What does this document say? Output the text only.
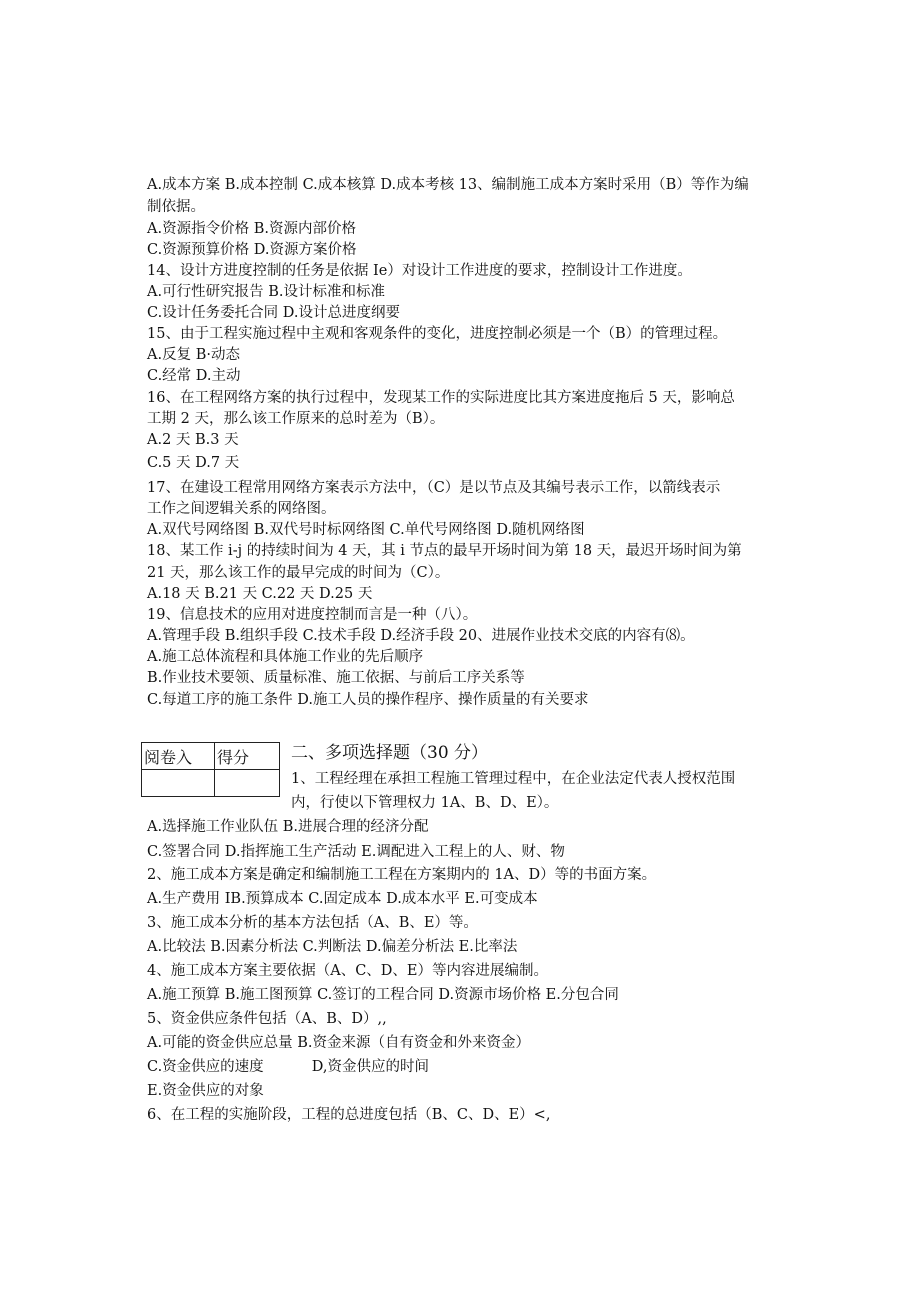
A.成本方案 B.成本控制 C.成本核算 D.成本考核 13、编制施工成本方案时采用（B）等作为编
制依据。
A.资源指令价格 B.资源内部价格
C.资源预算价格 D.资源方案价格
14、设计方进度控制的任务是依据 Ie）对设计工作进度的要求，控制设计工作进度。
A.可行性研究报告 B.设计标准和标准
C.设计任务委托合同 D.设计总进度纲要
15、由于工程实施过程中主观和客观条件的变化，进度控制必须是一个（B）的管理过程。
A.反复 B·动态
C.经常 D.主动
16、在工程网络方案的执行过程中，发现某工作的实际进度比其方案进度拖后 5 天，影响总
工期 2 天，那么该工作原来的总时差为（B）。
A.2 天 B.3 天
C.5 天 D.7 天
17、在建设工程常用网络方案表示方法中，（C）是以节点及其编号表示工作，以箭线表示
工作之间逻辑关系的网络图。
A.双代号网络图 B.双代号时标网络图 C.单代号网络图 D.随机网络图
18、某工作 i-j 的持续时间为 4 天，其 i 节点的最早开场时间为第 18 天，最迟开场时间为第
21 天，那么该工作的最早完成的时间为（C）。
A.18 天 B.21 天 C.22 天 D.25 天
19、信息技术的应用对进度控制而言是一种（八）。
A.管理手段 B.组织手段 C.技术手段 D.经济手段 20、进展作业技术交底的内容有⑻。
A.施工总体流程和具体施工作业的先后顺序
B.作业技术要领、质量标准、施工依据、与前后工序关系等
C.每道工序的施工条件 D.施工人员的操作程序、操作质量的有关要求
阅卷入	得分
	二、多项选择题（30 分）
1、工程经理在承担工程施工管理过程中，在企业法定代表人授权范围
内，行使以下管理权力 1A、B、D、E）。
A.选择施工作业队伍 B.进展合理的经济分配
C.签署合同 D.指挥施工生产活动 E.调配进入工程上的人、财、物
2、施工成本方案是确定和编制施工工程在方案期内的 1A、D）等的书面方案。
A.生产费用 IB.预算成本 C.固定成本 D.成本水平 E.可变成本
3、施工成本分析的基本方法包括（A、B、E）等。
A.比较法 B.因素分析法 C.判断法 D.偏差分析法 E.比率法
4、施工成本方案主要依据（A、C、D、E）等内容进展编制。
A.施工预算 B.施工图预算 C.签订的工程合同 D.资源市场价格 E.分包合同
5、资金供应条件包括（A、B、D）,,
A.可能的资金供应总量 B.资金来源（自有资金和外来资金）
C.资金供应的速度　　　 D,资金供应的时间
E.资金供应的对象
6、在工程的实施阶段，工程的总进度包括（B、C、D、E）<,
